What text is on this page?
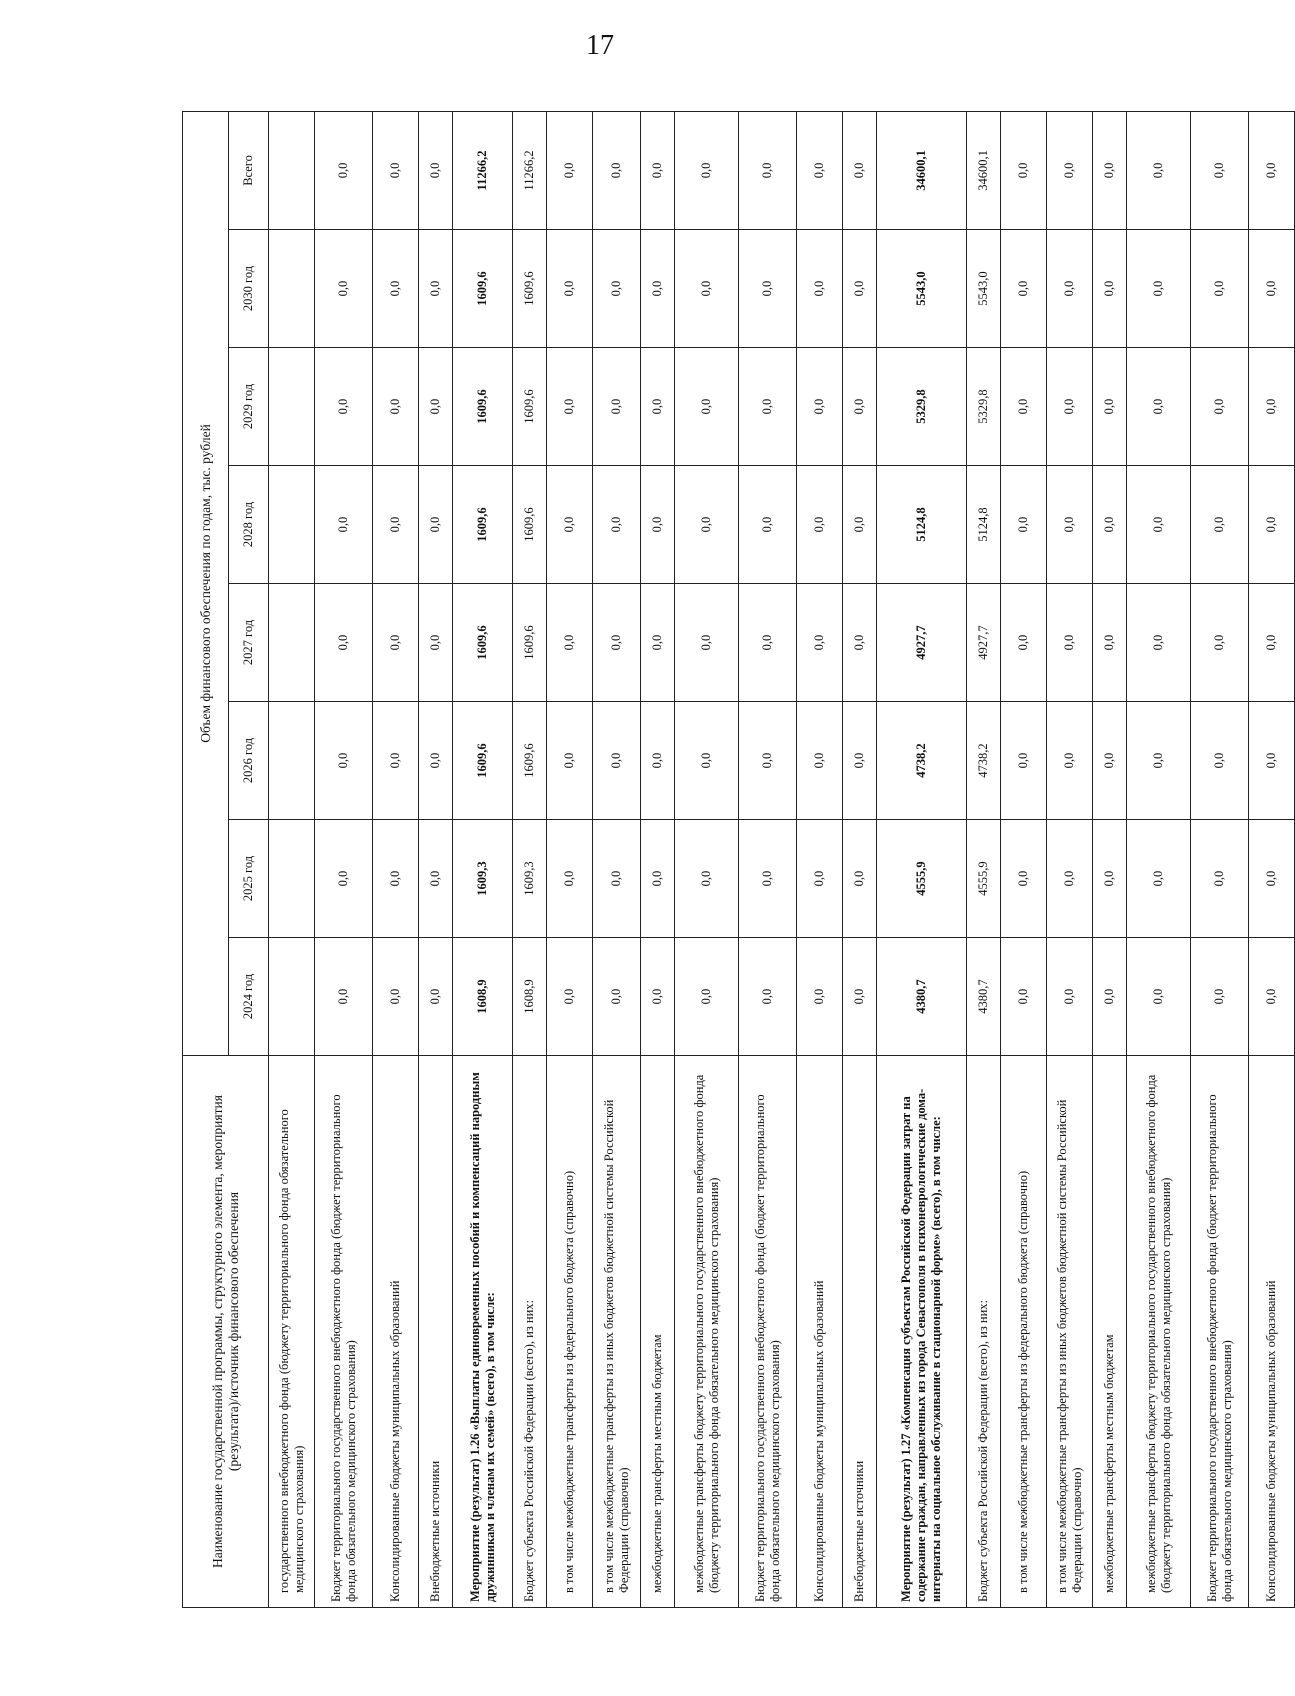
17
Наименование государственной программы, структурного элемента, мероприятия (результата)/источник финансового обеспечения	Объем финансового обеспечения по годам, тыс. рублей							
	2024 год	2025 год	2026 год	2027 год	2028 год	2029 год	2030 год	Всего
государственного внебюджетного фонда (бюджету территориального фонда обязательного медицинского страхования)								
Бюджет территориального государственного внебюджетного фонда (бюджет территориального фонда обязательного медицинского страхования)	0,0	0,0	0,0	0,0	0,0	0,0	0,0	0,0
Консолидированные бюджеты муниципальных образований	0,0	0,0	0,0	0,0	0,0	0,0	0,0	0,0
Внебюджетные источники	0,0	0,0	0,0	0,0	0,0	0,0	0,0	0,0
Мероприятие (результат) 1.26 «Выплаты единовременных пособий и компенсаций народным дружинникам и членам их семей» (всего), в том числе:	1608,9	1609,3	1609,6	1609,6	1609,6	1609,6	1609,6	11266,2
Бюджет субъекта Российской Федерации (всего), из них:	1608,9	1609,3	1609,6	1609,6	1609,6	1609,6	1609,6	11266,2
в том числе межбюджетные трансферты из федерального бюджета (справочно)	0,0	0,0	0,0	0,0	0,0	0,0	0,0	0,0
в том числе межбюджетные трансферты из иных бюджетов бюджетной системы Российской Федерации (справочно)	0,0	0,0	0,0	0,0	0,0	0,0	0,0	0,0
межбюджетные трансферты местным бюджетам	0,0	0,0	0,0	0,0	0,0	0,0	0,0	0,0
межбюджетные трансферты бюджету территориального государственного внебюджетного фонда (бюджету территориального фонда обязательного медицинского страхования)	0,0	0,0	0,0	0,0	0,0	0,0	0,0	0,0
Бюджет территориального государственного внебюджетного фонда (бюджет территориального фонда обязательного медицинского страхования)	0,0	0,0	0,0	0,0	0,0	0,0	0,0	0,0
Консолидированные бюджеты муниципальных образований	0,0	0,0	0,0	0,0	0,0	0,0	0,0	0,0
Внебюджетные источники	0,0	0,0	0,0	0,0	0,0	0,0	0,0	0,0
Мероприятие (результат) 1.27 «Компенсация субъектам Российской Федерации затрат на содержание граждан, направленных из города Севастополя в психоневрологические дома-интернаты на социальное обслуживание в стационарной форме» (всего), в том числе:	4380,7	4555,9	4738,2	4927,7	5124,8	5329,8	5543,0	34600,1
Бюджет субъекта Российской Федерации (всего), из них:	4380,7	4555,9	4738,2	4927,7	5124,8	5329,8	5543,0	34600,1
в том числе межбюджетные трансферты из федерального бюджета (справочно)	0,0	0,0	0,0	0,0	0,0	0,0	0,0	0,0
в том числе межбюджетные трансферты из иных бюджетов бюджетной системы Российской Федерации (справочно)	0,0	0,0	0,0	0,0	0,0	0,0	0,0	0,0
межбюджетные трансферты местным бюджетам	0,0	0,0	0,0	0,0	0,0	0,0	0,0	0,0
межбюджетные трансферты бюджету территориального государственного внебюджетного фонда (бюджету территориального фонда обязательного медицинского страхования)	0,0	0,0	0,0	0,0	0,0	0,0	0,0	0,0
Бюджет территориального государственного внебюджетного фонда (бюджет территориального фонда обязательного медицинского страхования)	0,0	0,0	0,0	0,0	0,0	0,0	0,0	0,0
Консолидированные бюджеты муниципальных образований	0,0	0,0	0,0	0,0	0,0	0,0	0,0	0,0
